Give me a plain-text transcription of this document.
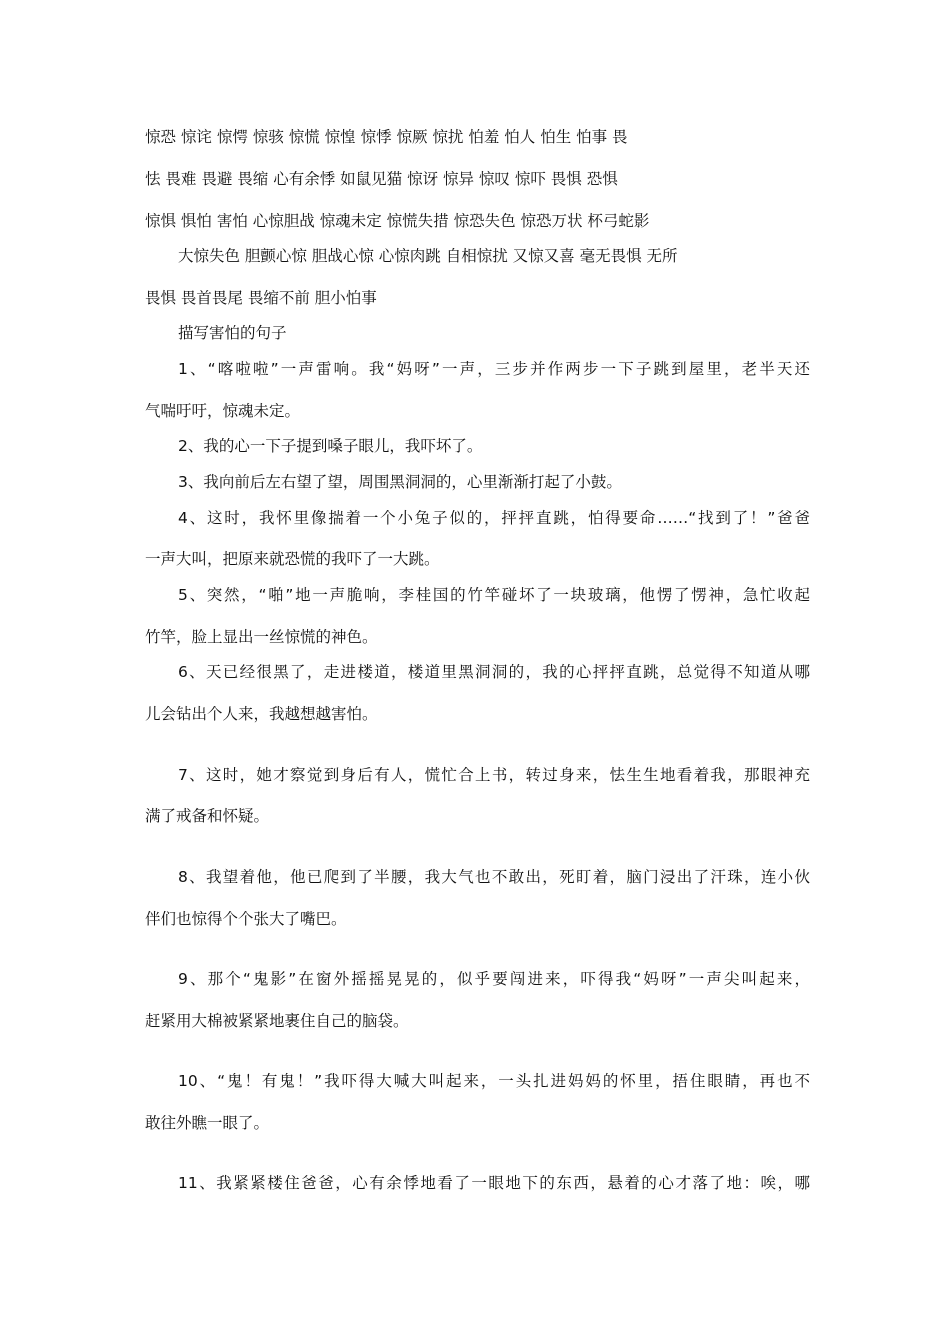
惊恐 惊诧 惊愕 惊骇 惊慌 惊惶 惊悸 惊厥 惊扰 怕羞 怕人 怕生 怕事 畏
怯 畏难 畏避 畏缩 心有余悸 如鼠见猫 惊讶 惊异 惊叹 惊吓 畏惧 恐惧
惊惧 惧怕 害怕 心惊胆战 惊魂未定 惊慌失措 惊恐失色 惊恐万状 杯弓蛇影
大惊失色 胆颤心惊 胆战心惊 心惊肉跳 自相惊扰 又惊又喜 毫无畏惧 无所
畏惧 畏首畏尾 畏缩不前 胆小怕事
描写害怕的句子
1、“喀啦啦”一声雷响。我“妈呀”一声，三步并作两步一下子跳到屋里，老半天还
气喘吁吁，惊魂未定。
2、我的心一下子提到嗓子眼儿，我吓坏了。
3、我向前后左右望了望，周围黑洞洞的，心里渐渐打起了小鼓。
4、这时，我怀里像揣着一个小兔子似的，抨抨直跳，怕得要命……“找到了！”爸爸
一声大叫，把原来就恐慌的我吓了一大跳。
5、突然，“啪”地一声脆响，李桂国的竹竿碰坏了一块玻璃，他愣了愣神，急忙收起
竹竿，脸上显出一丝惊慌的神色。
6、天已经很黑了，走进楼道，楼道里黑洞洞的，我的心抨抨直跳，总觉得不知道从哪
儿会钻出个人来，我越想越害怕。
7、这时，她才察觉到身后有人，慌忙合上书，转过身来，怯生生地看着我，那眼神充
满了戒备和怀疑。
8、我望着他，他已爬到了半腰，我大气也不敢出，死盯着，脑门浸出了汗珠，连小伙
伴们也惊得个个张大了嘴巴。
9、那个“鬼影”在窗外摇摇晃晃的，似乎要闯进来，吓得我“妈呀”一声尖叫起来，
赶紧用大棉被紧紧地裹住自己的脑袋。
10、“鬼！有鬼！”我吓得大喊大叫起来，一头扎进妈妈的怀里，捂住眼睛，再也不
敢往外瞧一眼了。
11、我紧紧楼住爸爸，心有余悸地看了一眼地下的东西，悬着的心才落了地：唉，哪
